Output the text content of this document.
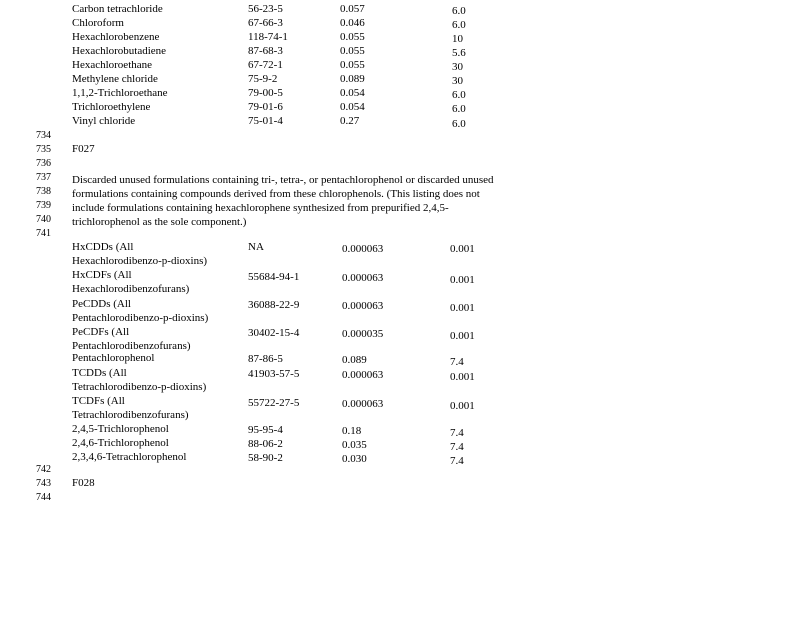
Carbon tetrachloride	56-23-5	0.057	6.0
Chloroform	67-66-3	0.046	6.0
Hexachlorobenzene	118-74-1	0.055	10
Hexachlorobutadiene	87-68-3	0.055	5.6
Hexachloroethane	67-72-1	0.055	30
Methylene chloride	75-9-2	0.089	30
1,1,2-Trichloroethane	79-00-5	0.054	6.0
Trichloroethylene	79-01-6	0.054	6.0
Vinyl chloride	75-01-4	0.27	6.0
734
735
736
737
738
739
740
741
742
743
744
F027
Discarded unused formulations containing tri-, tetra-, or pentachlorophenol or discarded unused
formulations containing compounds derived from these chlorophenols. (This listing does not
include formulations containing hexachlorophene synthesized from prepurified 2,4,5-
trichlorophenol as the sole component.)
HxCDDs (All
Hexachlorodibenzo-p-dioxins)
NA	0.000063	0.001
HxCDFs (All
Hexachlorodibenzofurans)
55684-94-1	0.000063	0.001
PeCDDs (All
Pentachlorodibenzo-p-dioxins)
36088-22-9	0.000063	0.001
PeCDFs (All
Pentachlorodibenzofurans)
30402-15-4	0.000035	0.001
Pentachlorophenol	87-86-5	0.089	7.4
TCDDs (All
Tetrachlorodibenzo-p-dioxins)
41903-57-5	0.000063	0.001
TCDFs (All
Tetrachlorodibenzofurans)
55722-27-5	0.000063	0.001
2,4,5-Trichlorophenol	95-95-4	0.18	7.4
2,4,6-Trichlorophenol	88-06-2	0.035	7.4
2,3,4,6-Tetrachlorophenol	58-90-2	0.030	7.4
F028
